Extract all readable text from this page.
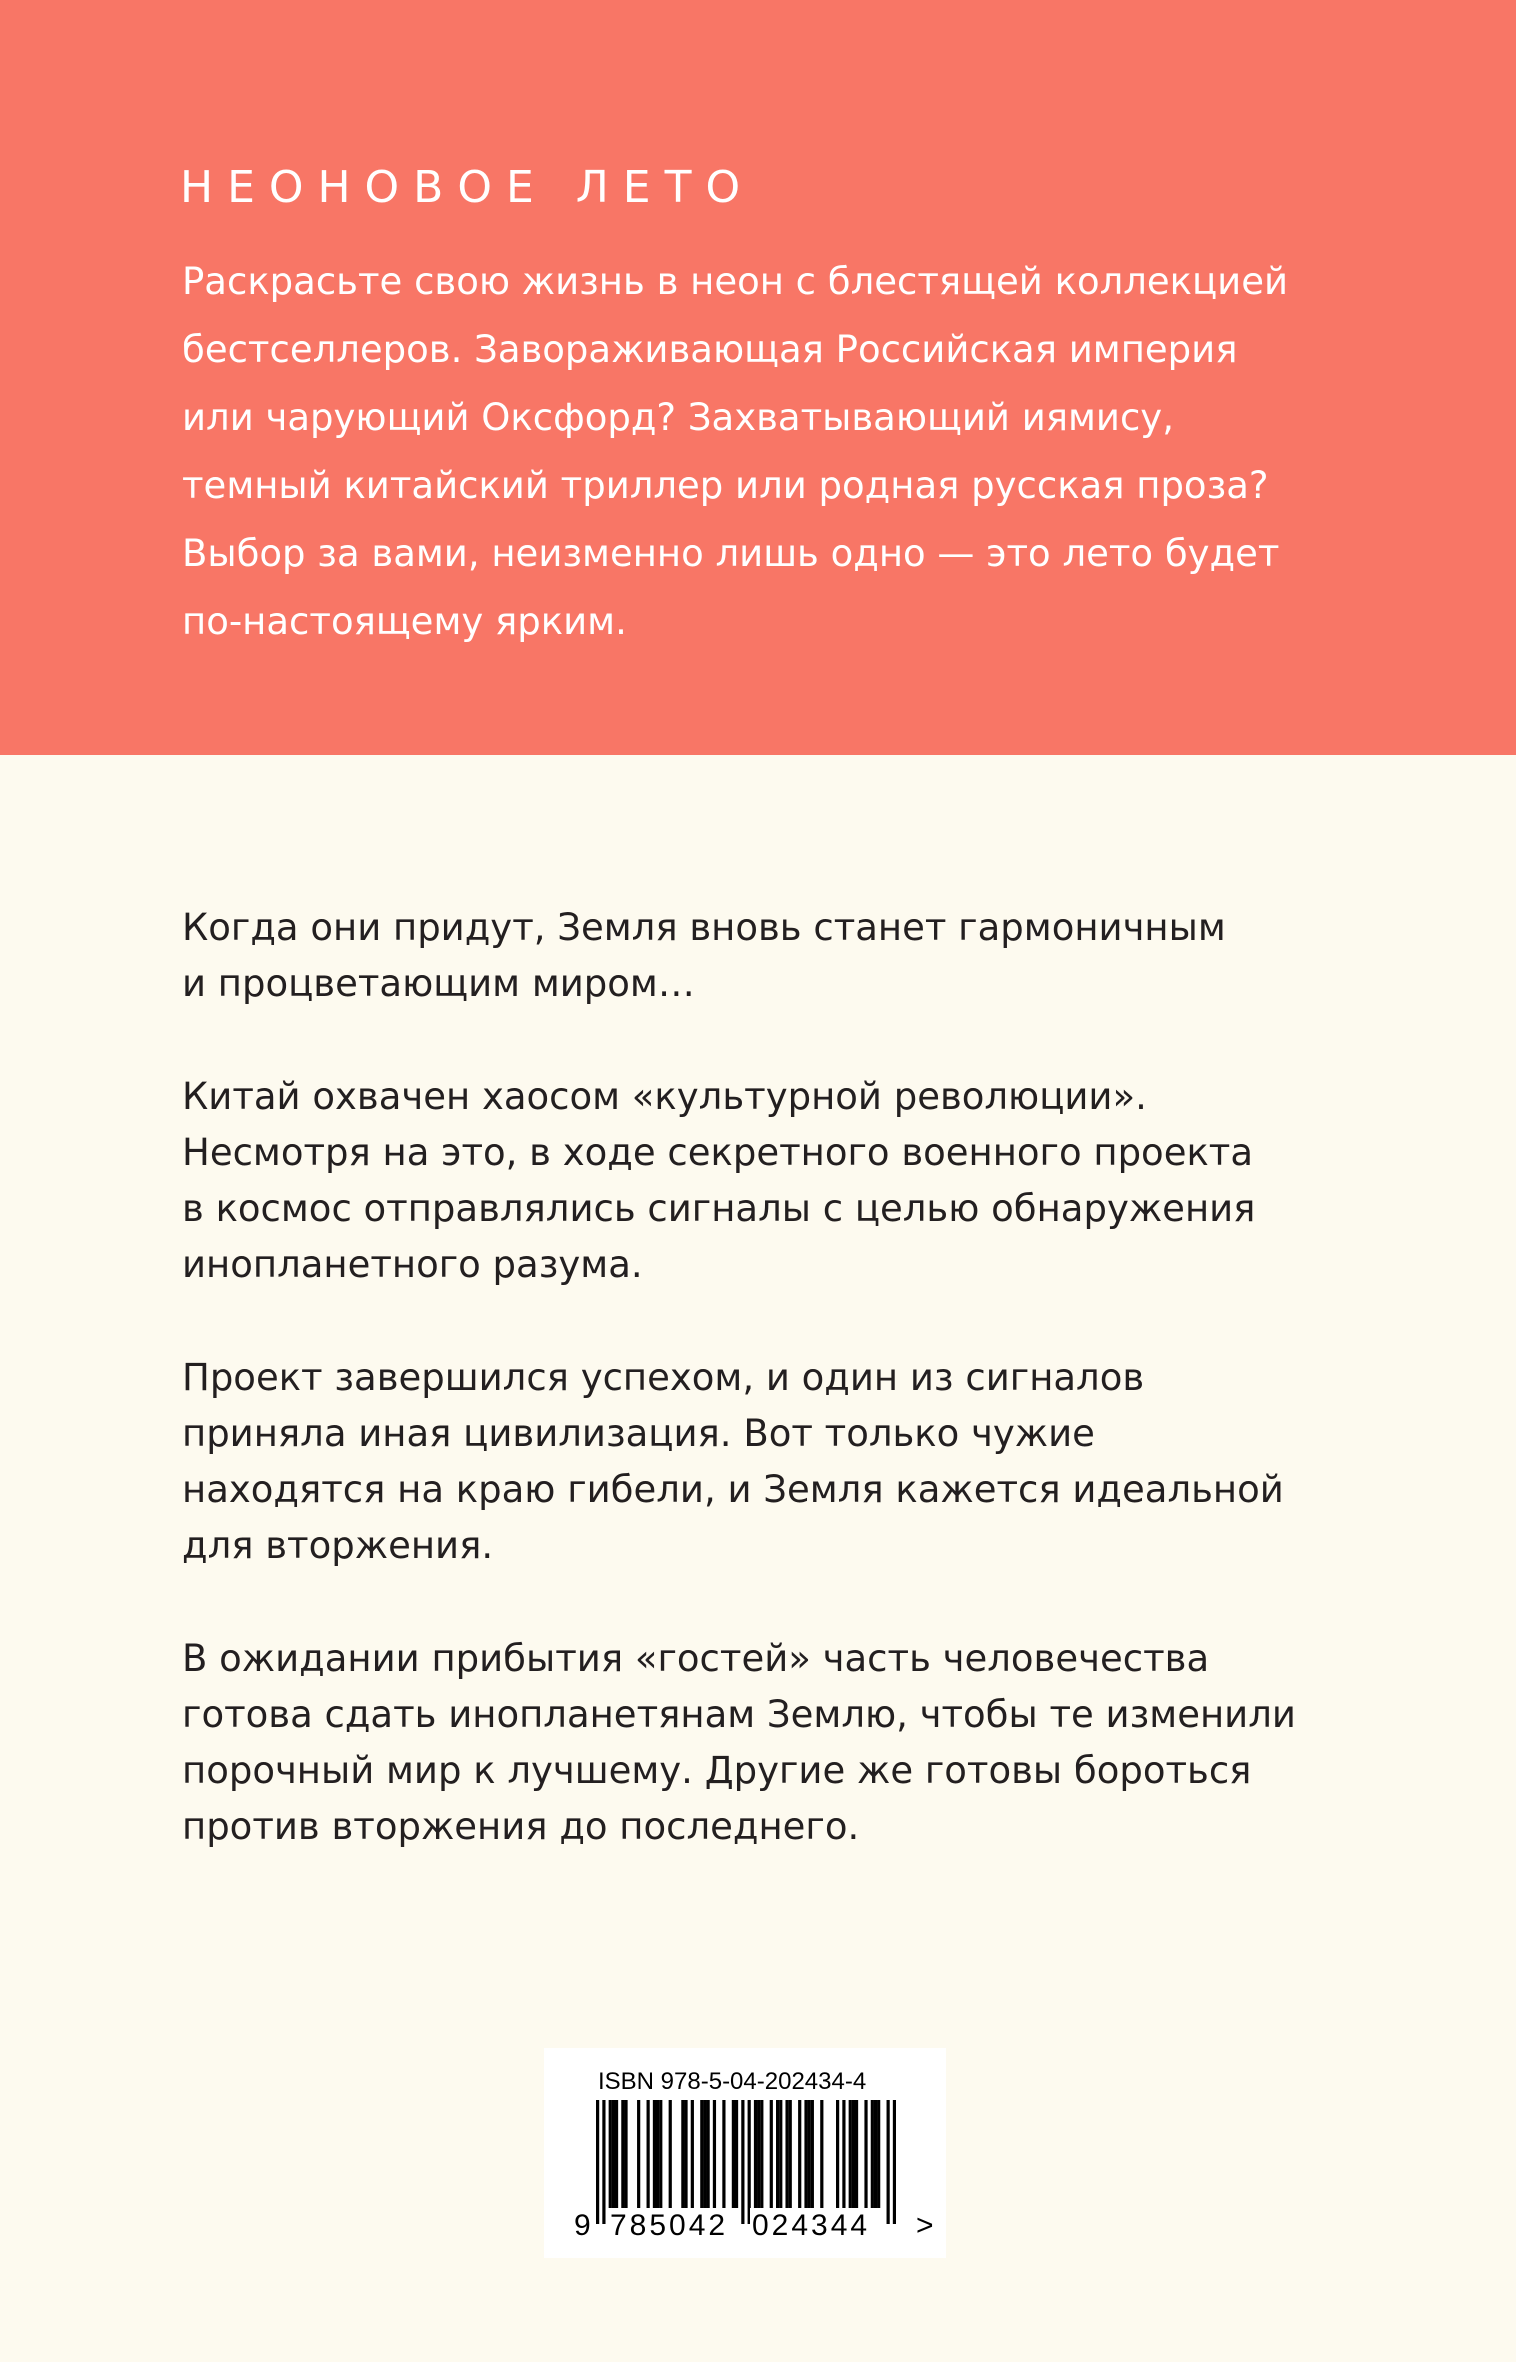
Н Е О Н О В О Е   Л Е Т О
Раскрасьте свою жизнь в неон с блестящей коллекцией
бестселлеров. Завораживающая Российская империя
или чарующий Оксфорд? Захватывающий иямису,
темный китайский триллер или родная русская проза?
Выбор за вами, неизменно лишь одно — это лето будет
по-настоящему ярким.

Когда они придут, Земля вновь станет гармоничным
и процветающим миром…

Китай охвачен хаосом «культурной революции».
Несмотря на это, в ходе секретного военного проекта
в космос отправлялись сигналы с целью обнаружения
инопланетного разума.

Проект завершился успехом, и один из сигналов
приняла иная цивилизация. Вот только чужие
находятся на краю гибели, и Земля кажется идеальной
для вторжения.

В ожидании прибытия «гостей» часть человечества
готова сдать инопланетянам Землю, чтобы те изменили
порочный мир к лучшему. Другие же готовы бороться
против вторжения до последнего.

ISBN 978-5-04-202434-4
9 785042 024344 >
